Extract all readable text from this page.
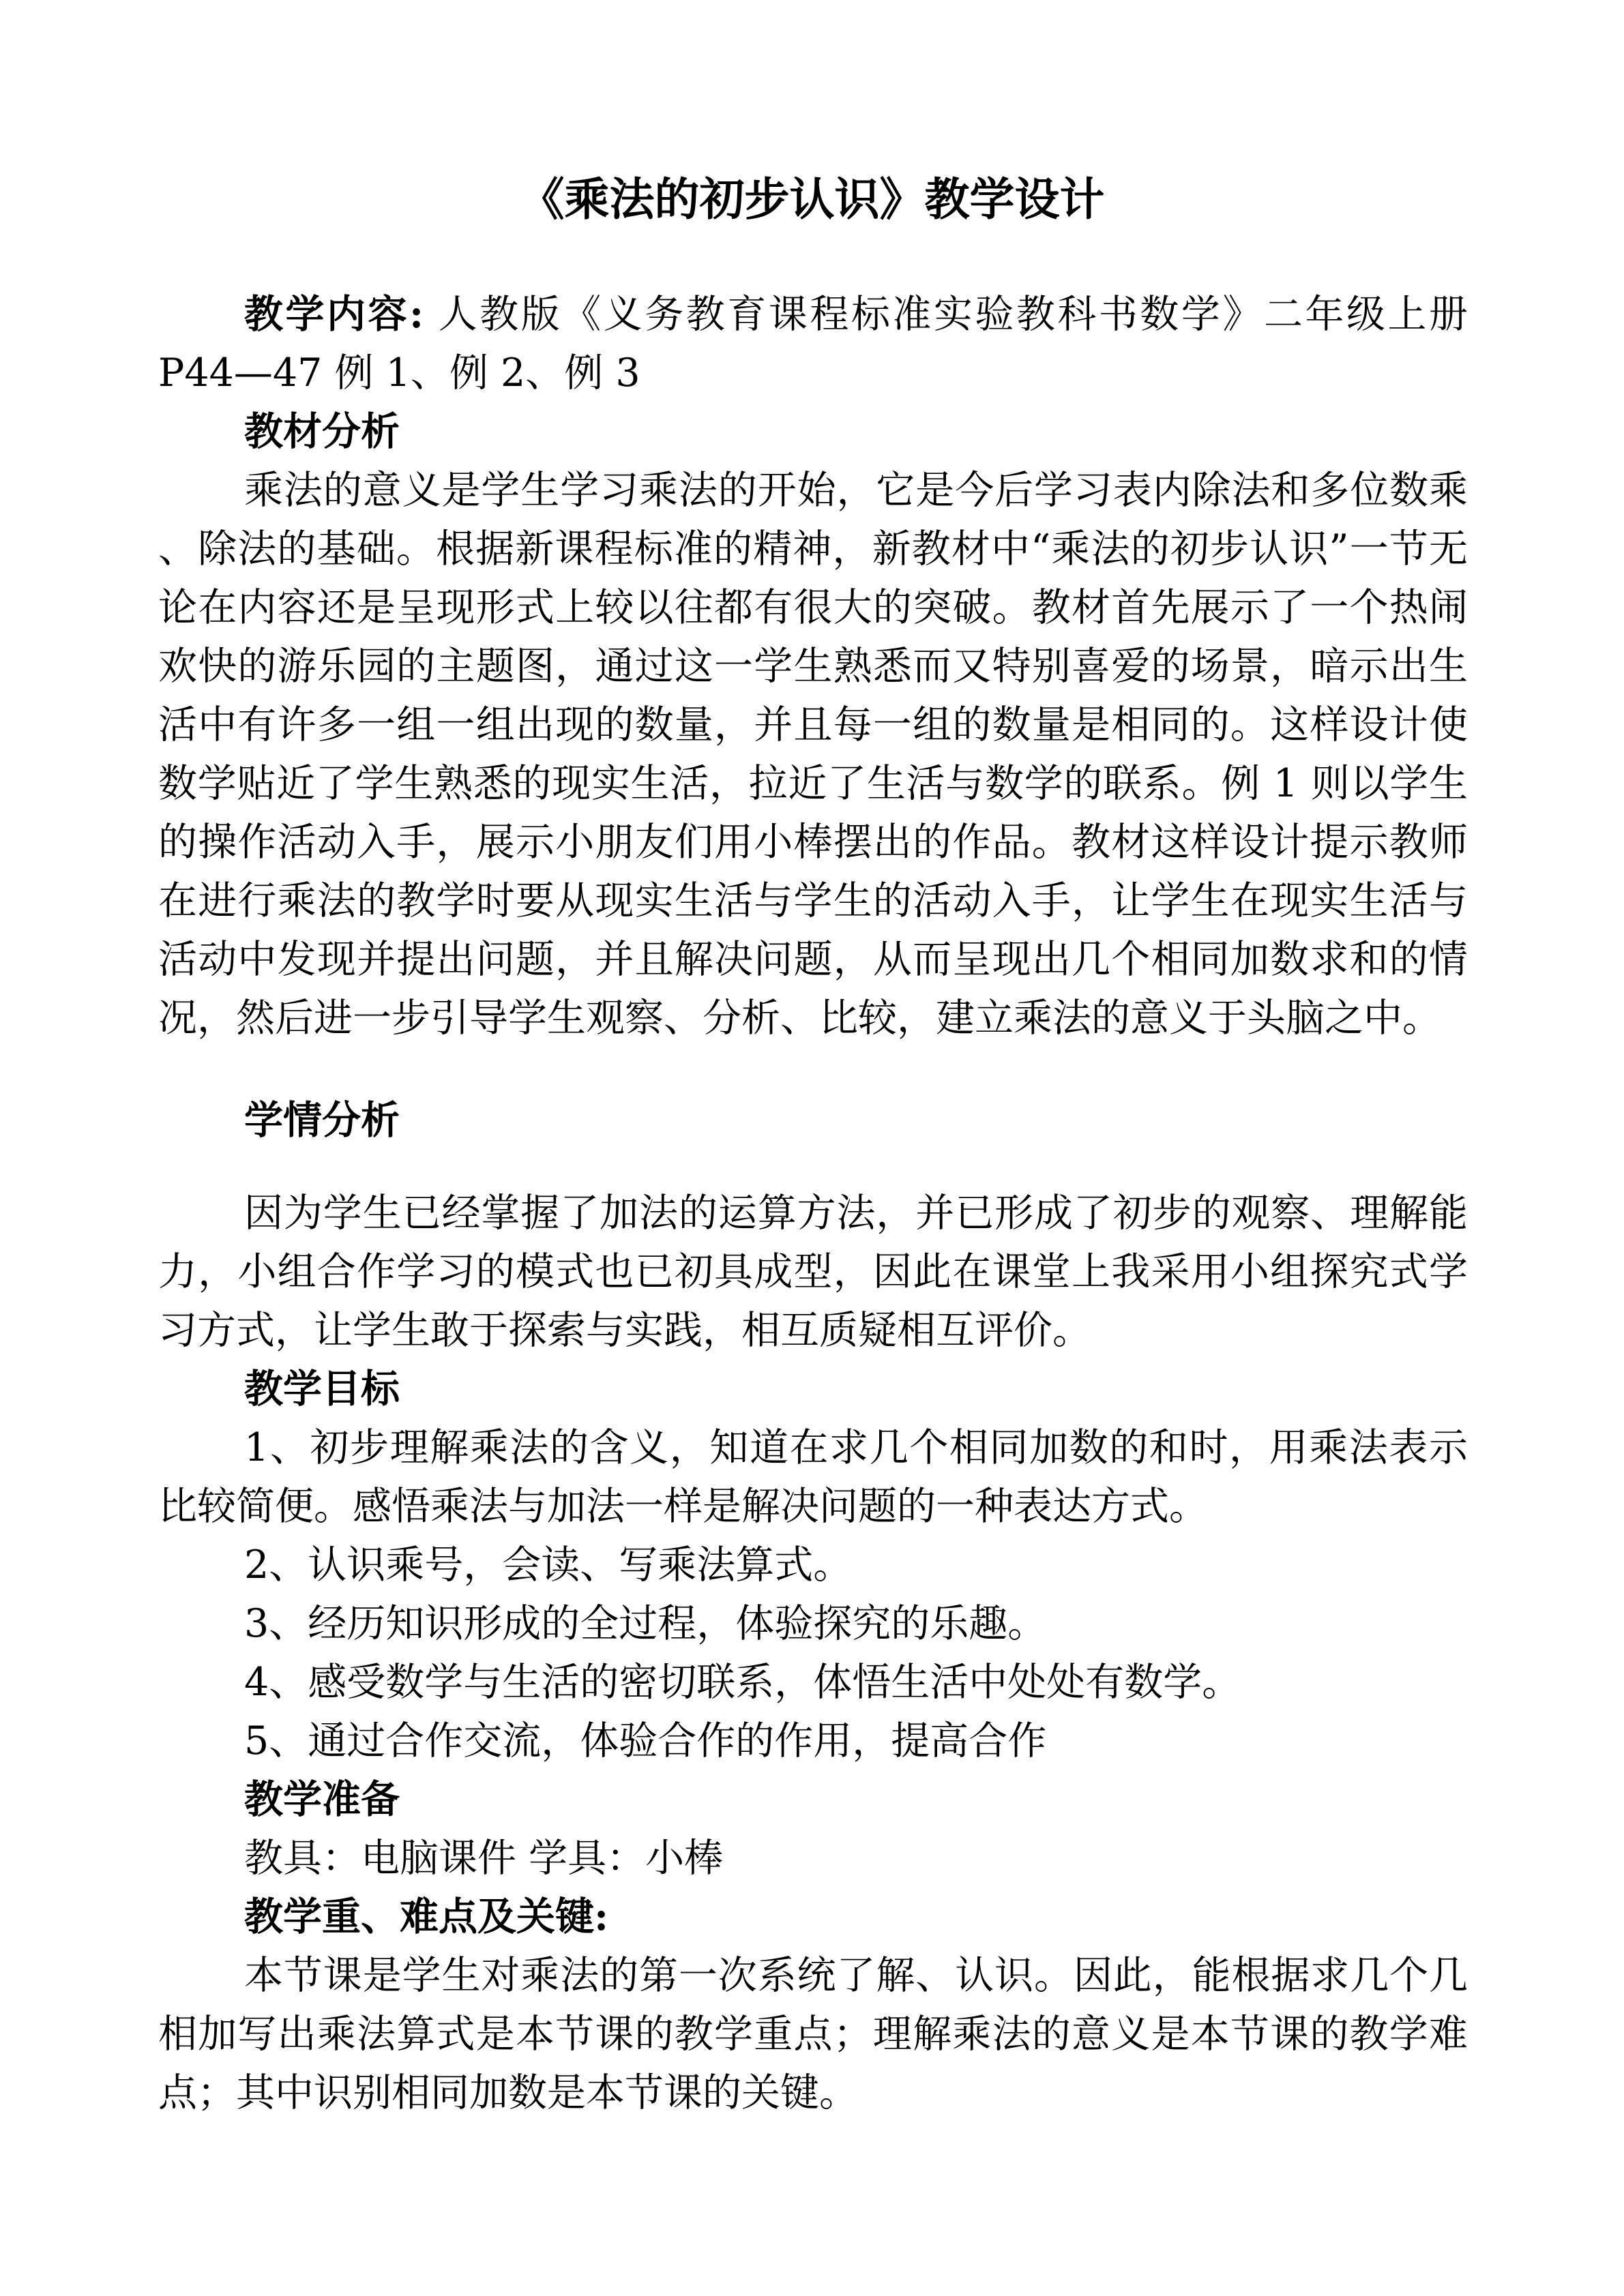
《乘法的初步认识》教学设计

教学内容: 人教版《义务教育课程标准实验教科书数学》二年级上册 P44—47 例 1、例 2、例 3

教材分析

乘法的意义是学生学习乘法的开始，它是今后学习表内除法和多位数乘 、除法的基础。根据新课程标准的精神，新教材中“乘法的初步认识”一节无论在内容还是呈现形式上较以往都有很大的突破。教材首先展示了一个热闹欢快的游乐园的主题图，通过这一学生熟悉而又特别喜爱的场景，暗示出生活中有许多一组一组出现的数量，并且每一组的数量是相同的。这样设计使数学贴近了学生熟悉的现实生活，拉近了生活与数学的联系。例 1 则以学生的操作活动入手，展示小朋友们用小棒摆出的作品。教材这样设计提示教师在进行乘法的教学时要从现实生活与学生的活动入手，让学生在现实生活与活动中发现并提出问题，并且解决问题，从而呈现出几个相同加数求和的情况，然后进一步引导学生观察、分析、比较，建立乘法的意义于头脑之中。

学情分析

因为学生已经掌握了加法的运算方法，并已形成了初步的观察、理解能力，小组合作学习的模式也已初具成型，因此在课堂上我采用小组探究式学习方式，让学生敢于探索与实践，相互质疑相互评价。

教学目标

1、初步理解乘法的含义，知道在求几个相同加数的和时，用乘法表示比较简便。感悟乘法与加法一样是解决问题的一种表达方式。

2、认识乘号，会读、写乘法算式。

3、经历知识形成的全过程，体验探究的乐趣。

4、感受数学与生活的密切联系，体悟生活中处处有数学。

5、通过合作交流，体验合作的作用，提高合作

教学准备

教具：电脑课件 学具：小棒

教学重、难点及关键:

本节课是学生对乘法的第一次系统了解、认识。因此，能根据求几个几相加写出乘法算式是本节课的教学重点；理解乘法的意义是本节课的教学难点；其中识别相同加数是本节课的关键。
